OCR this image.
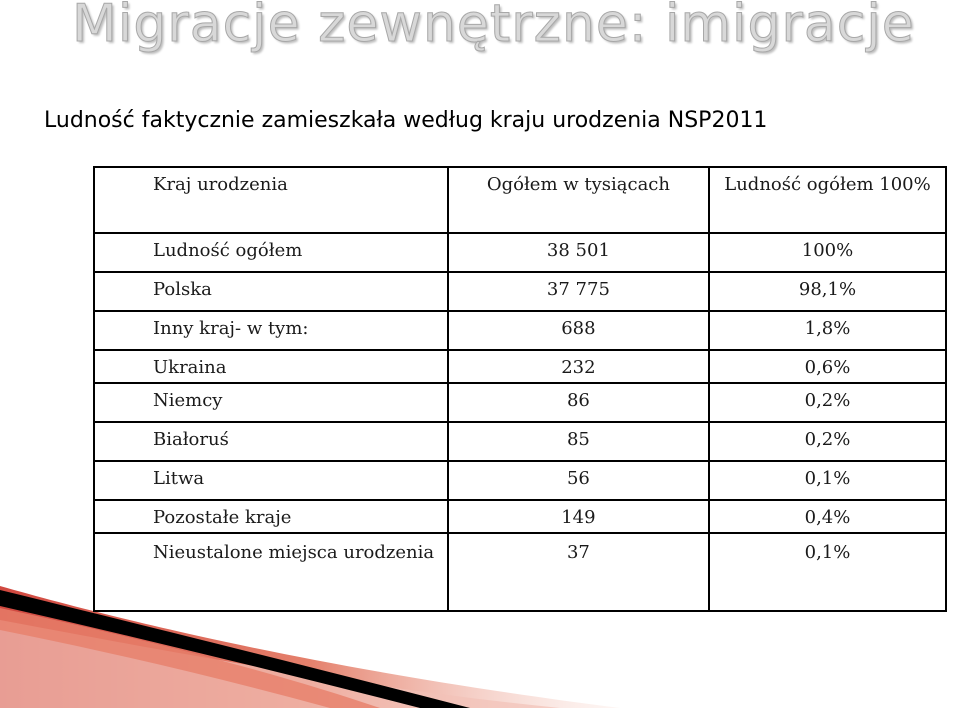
Migracje zewnętrzne: imigracje
Ludność faktycznie zamieszkała według kraju urodzenia NSP2011
Kraj urodzenia	Ogółem w tysiącach	Ludność ogółem 100%
Ludność ogółem	38 501	100%
Polska	37 775	98,1%
Inny kraj- w tym:	688	1,8%
Ukraina	232	0,6%
Niemcy	86	0,2%
Białoruś	85	0,2%
Litwa	56	0,1%
Pozostałe kraje	149	0,4%
Nieustalone miejsca urodzenia	37	0,1%
